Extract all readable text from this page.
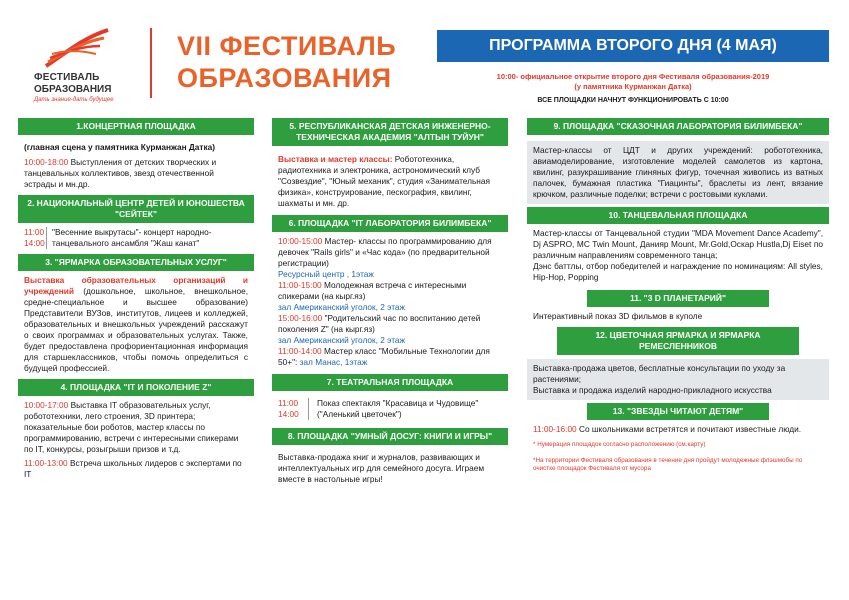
ФЕСТИВАЛЬ
ОБРАЗОВАНИЯ
Дать знание-дать будущее
VII ФЕСТИВАЛЬ
ОБРАЗОВАНИЯ
ПРОГРАММА ВТОРОГО ДНЯ (4 МАЯ)
10:00- официальное открытие второго дня Фестиваля образования-2019
(у памятника Курманжан Датка)
ВСЕ ПЛОЩАДКИ НАЧНУТ ФУНКЦИОНИРОВАТЬ С 10:00
1.КОНЦЕРТНАЯ ПЛОЩАДКА
(главная сцена у памятника Курманжан Датка)
10:00-18:00 Выступления от детских творческих и танцевальных коллективов, звезд отечественной эстрады и мн.др.
2. НАЦИОНАЛЬНЫЙ ЦЕНТР ДЕТЕЙ И ЮНОШЕСТВА "СЕЙТЕК"
11:00
14:00
"Весенние выкрутасы"- концерт народно- танцевального ансамбля "Жаш канат"
3. "ЯРМАРКА ОБРАЗОВАТЕЛЬНЫХ УСЛУГ"
Выставка образовательных организаций и учреждений (дошкольное, школьное, внешкольное, средне-специальное и высшее образование) Представители ВУЗов, институтов, лицеев и колледжей, образовательных и внешкольных учреждений расскажут о своих программах и образовательных услугах. Также, будет предоставлена профориентационная информация для старшеклассников, чтобы помочь определиться с будущей профессией.
4. ПЛОЩАДКА "IT И ПОКОЛЕНИЕ Z"
10:00-17:00 Выставка IT образовательных услуг, робототехники, лего строения, 3D принтера; показательные бои роботов, мастер классы по программированию, встречи с интересными спикерами по IT, конкурсы, розыгрыши призов и т.д.
11:00-13:00 Встреча школьных лидеров с экспертами по IT
5. РЕСПУБЛИКАНСКАЯ ДЕТСКАЯ ИНЖЕНЕРНО- ТЕХНИЧЕСКАЯ АКАДЕМИЯ "АЛТЫН ТУЙУН"
Выставка и мастер классы: Робототехника, радиотехника и электроника, астрономический клуб "Созвездие", "Юный механик", студия «Занимательная физика», конструирование, пескография, квилинг, шахматы и мн. др.
6. ПЛОЩАДКА "IT ЛАБОРАТОРИЯ БИЛИМБЕКА"
10:00-15:00 Мастер- классы по программированию для девочек "Rails girls" и «Час кода» (по предварительной регистрации)
Ресурсный центр , 1этаж
11:00-15:00 Молодежная встреча с интересными спикерами (на кырг.яз)
зал Американский уголок, 2 этаж
15:00-16:00 "Родительский час по воспитанию детей поколения Z" (на кырг.яз)
зал Американский уголок, 2 этаж
11:00-14:00 Мастер класс "Мобильные Технологии для 50+": зал Манас, 1этаж
7. ТЕАТРАЛЬНАЯ ПЛОЩАДКА
11:00
14:00
Показ спектакля "Красавица и Чудовище" ("Аленький цветочек")
8. ПЛОЩАДКА "УМНЫЙ ДОСУГ: КНИГИ И ИГРЫ"
Выставка-продажа книг и журналов, развивающих и интеллектуальных игр для семейного досуга. Играем вместе в настольные игры!
9. ПЛОЩАДКА "СКАЗОЧНАЯ ЛАБОРАТОРИЯ БИЛИМБЕКА"
Мастер-классы от ЦДТ и других учреждений: робототехника, авиамоделирование, изготовление моделей самолетов из картона, квилинг, разукрашивание глиняных фигур, точечная живопись из ватных палочек, бумажная пластика "Гиацинты", браслеты из лент, вязание крючком, различные поделки; встречи с ростовыми куклами.
10. ТАНЦЕВАЛЬНАЯ ПЛОЩАДКА
Мастер-классы от Танцевальной студии "MDA Movement Dance Academy", Dj ASPRO, MC Twin Mount, Данияр Mount, Mr.Gold,Оскар Hustla,Dj Eiset по различным направлениям современного танца;
Дэнс баттлы, отбор победителей и награждение по номинациям: All styles, Hip-Hop, Popping
11. "3 D ПЛАНЕТАРИЙ"
Интерактивный показ 3D фильмов в куполе
12. ЦВЕТОЧНАЯ ЯРМАРКА И ЯРМАРКА РЕМЕСЛЕННИКОВ
Выставка-продажа цветов, бесплатные консультации по уходу за растениями;
Выставка и продажа изделий народно-прикладного искусства
13. "ЗВЕЗДЫ ЧИТАЮТ ДЕТЯМ"
11:00-16:00 Со школьниками встретятся и почитают известные люди.
* Нумерация площадок согласно расположению (см.карту)
*На территории Фестиваля образования в течение дня пройдут молодежные флэшмобы по очистке площадок Фестиваля от мусора
